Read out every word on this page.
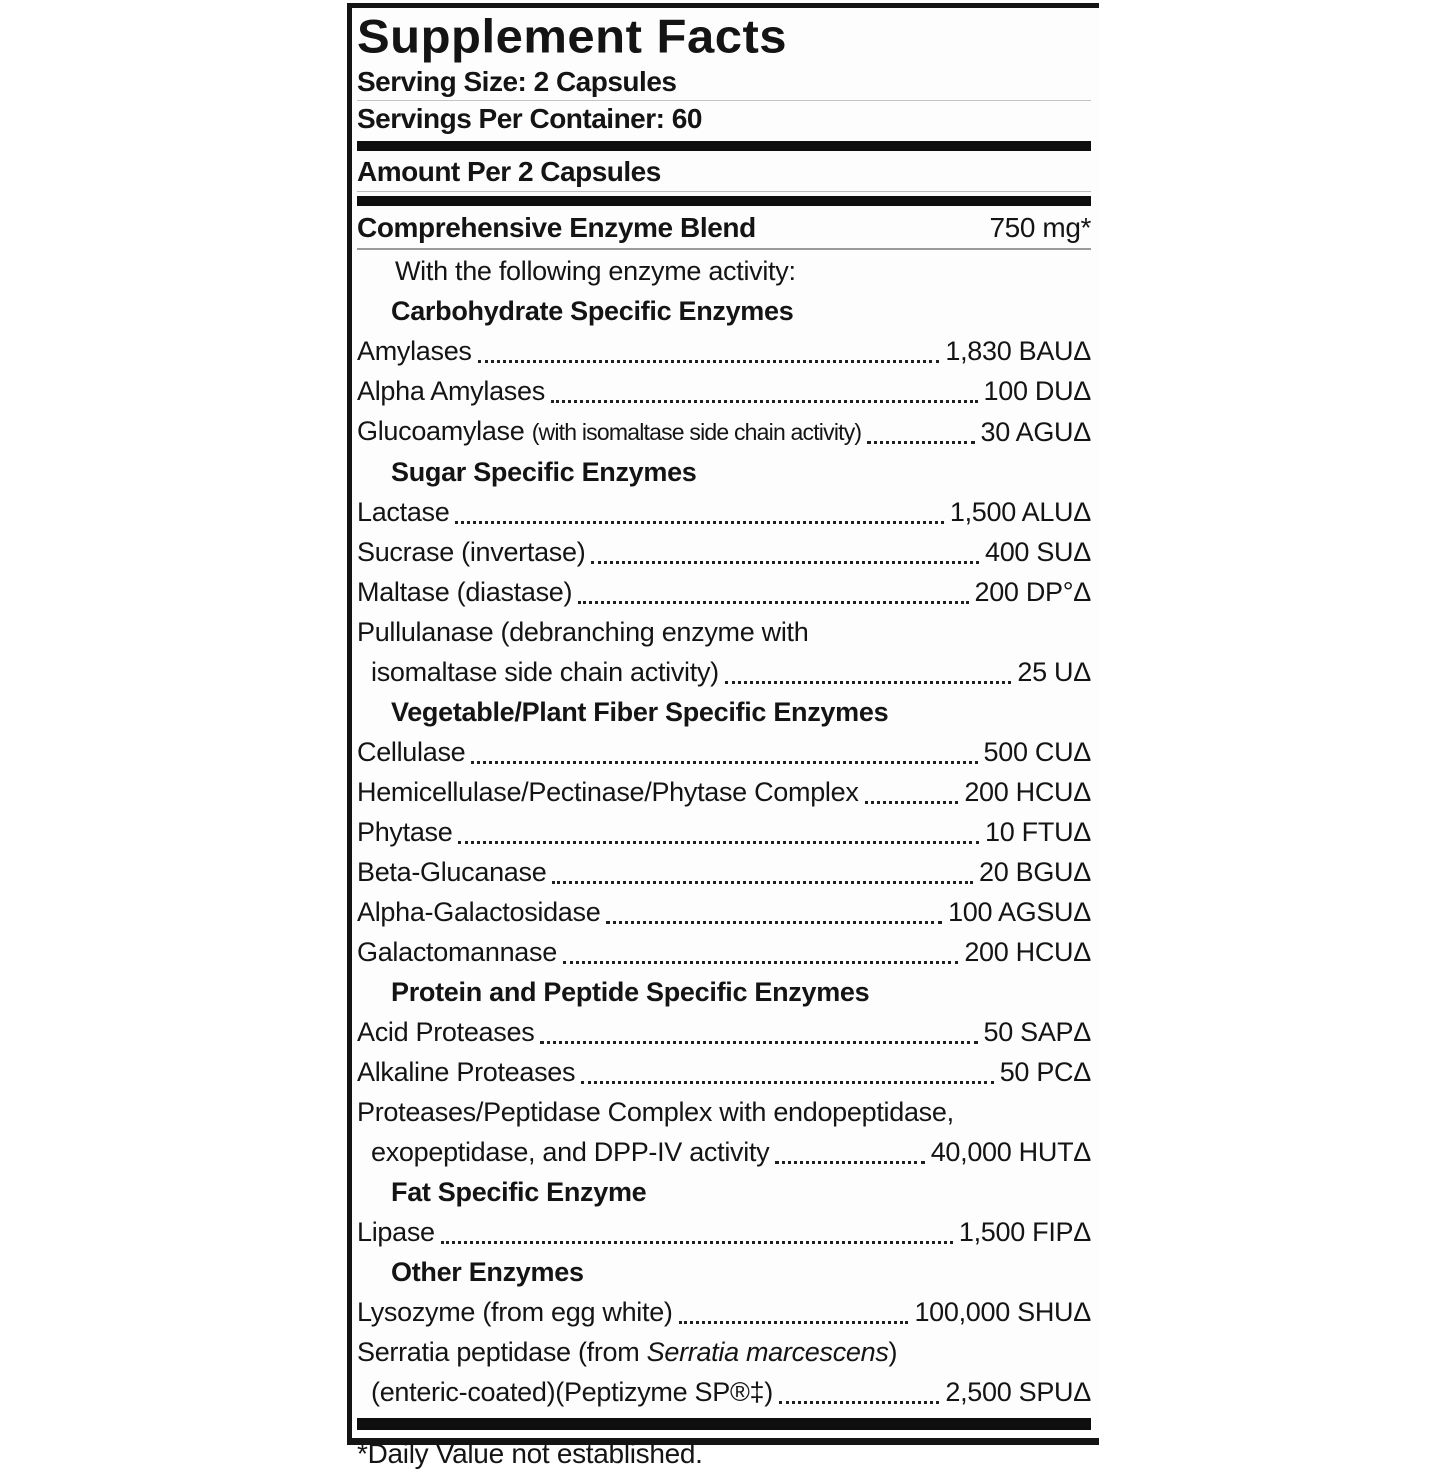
Supplement Facts
Serving Size: 2 Capsules
Servings Per Container: 60
Amount Per 2 Capsules
Comprehensive Enzyme Blend	750 mg*
With the following enzyme activity:
Carbohydrate Specific Enzymes
Amylases	1,830 BAUΔ
Alpha Amylases	100 DUΔ
Glucoamylase (with isomaltase side chain activity)	30 AGUΔ
Sugar Specific Enzymes
Lactase	1,500 ALUΔ
Sucrase (invertase)	400 SUΔ
Maltase (diastase)	200 DP°Δ
Pullulanase (debranching enzyme with
isomaltase side chain activity)	25 UΔ
Vegetable/Plant Fiber Specific Enzymes
Cellulase	500 CUΔ
Hemicellulase/Pectinase/Phytase Complex	200 HCUΔ
Phytase	10 FTUΔ
Beta-Glucanase	20 BGUΔ
Alpha-Galactosidase	100 AGSUΔ
Galactomannase	200 HCUΔ
Protein and Peptide Specific Enzymes
Acid Proteases	50 SAPΔ
Alkaline Proteases	50 PCΔ
Proteases/Peptidase Complex with endopeptidase,
exopeptidase, and DPP-IV activity	40,000 HUTΔ
Fat Specific Enzyme
Lipase	1,500 FIPΔ
Other Enzymes
Lysozyme (from egg white)	100,000 SHUΔ
Serratia peptidase (from Serratia marcescens)
(enteric-coated)(Peptizyme SP®‡)	2,500 SPUΔ
*Daily Value not established.
